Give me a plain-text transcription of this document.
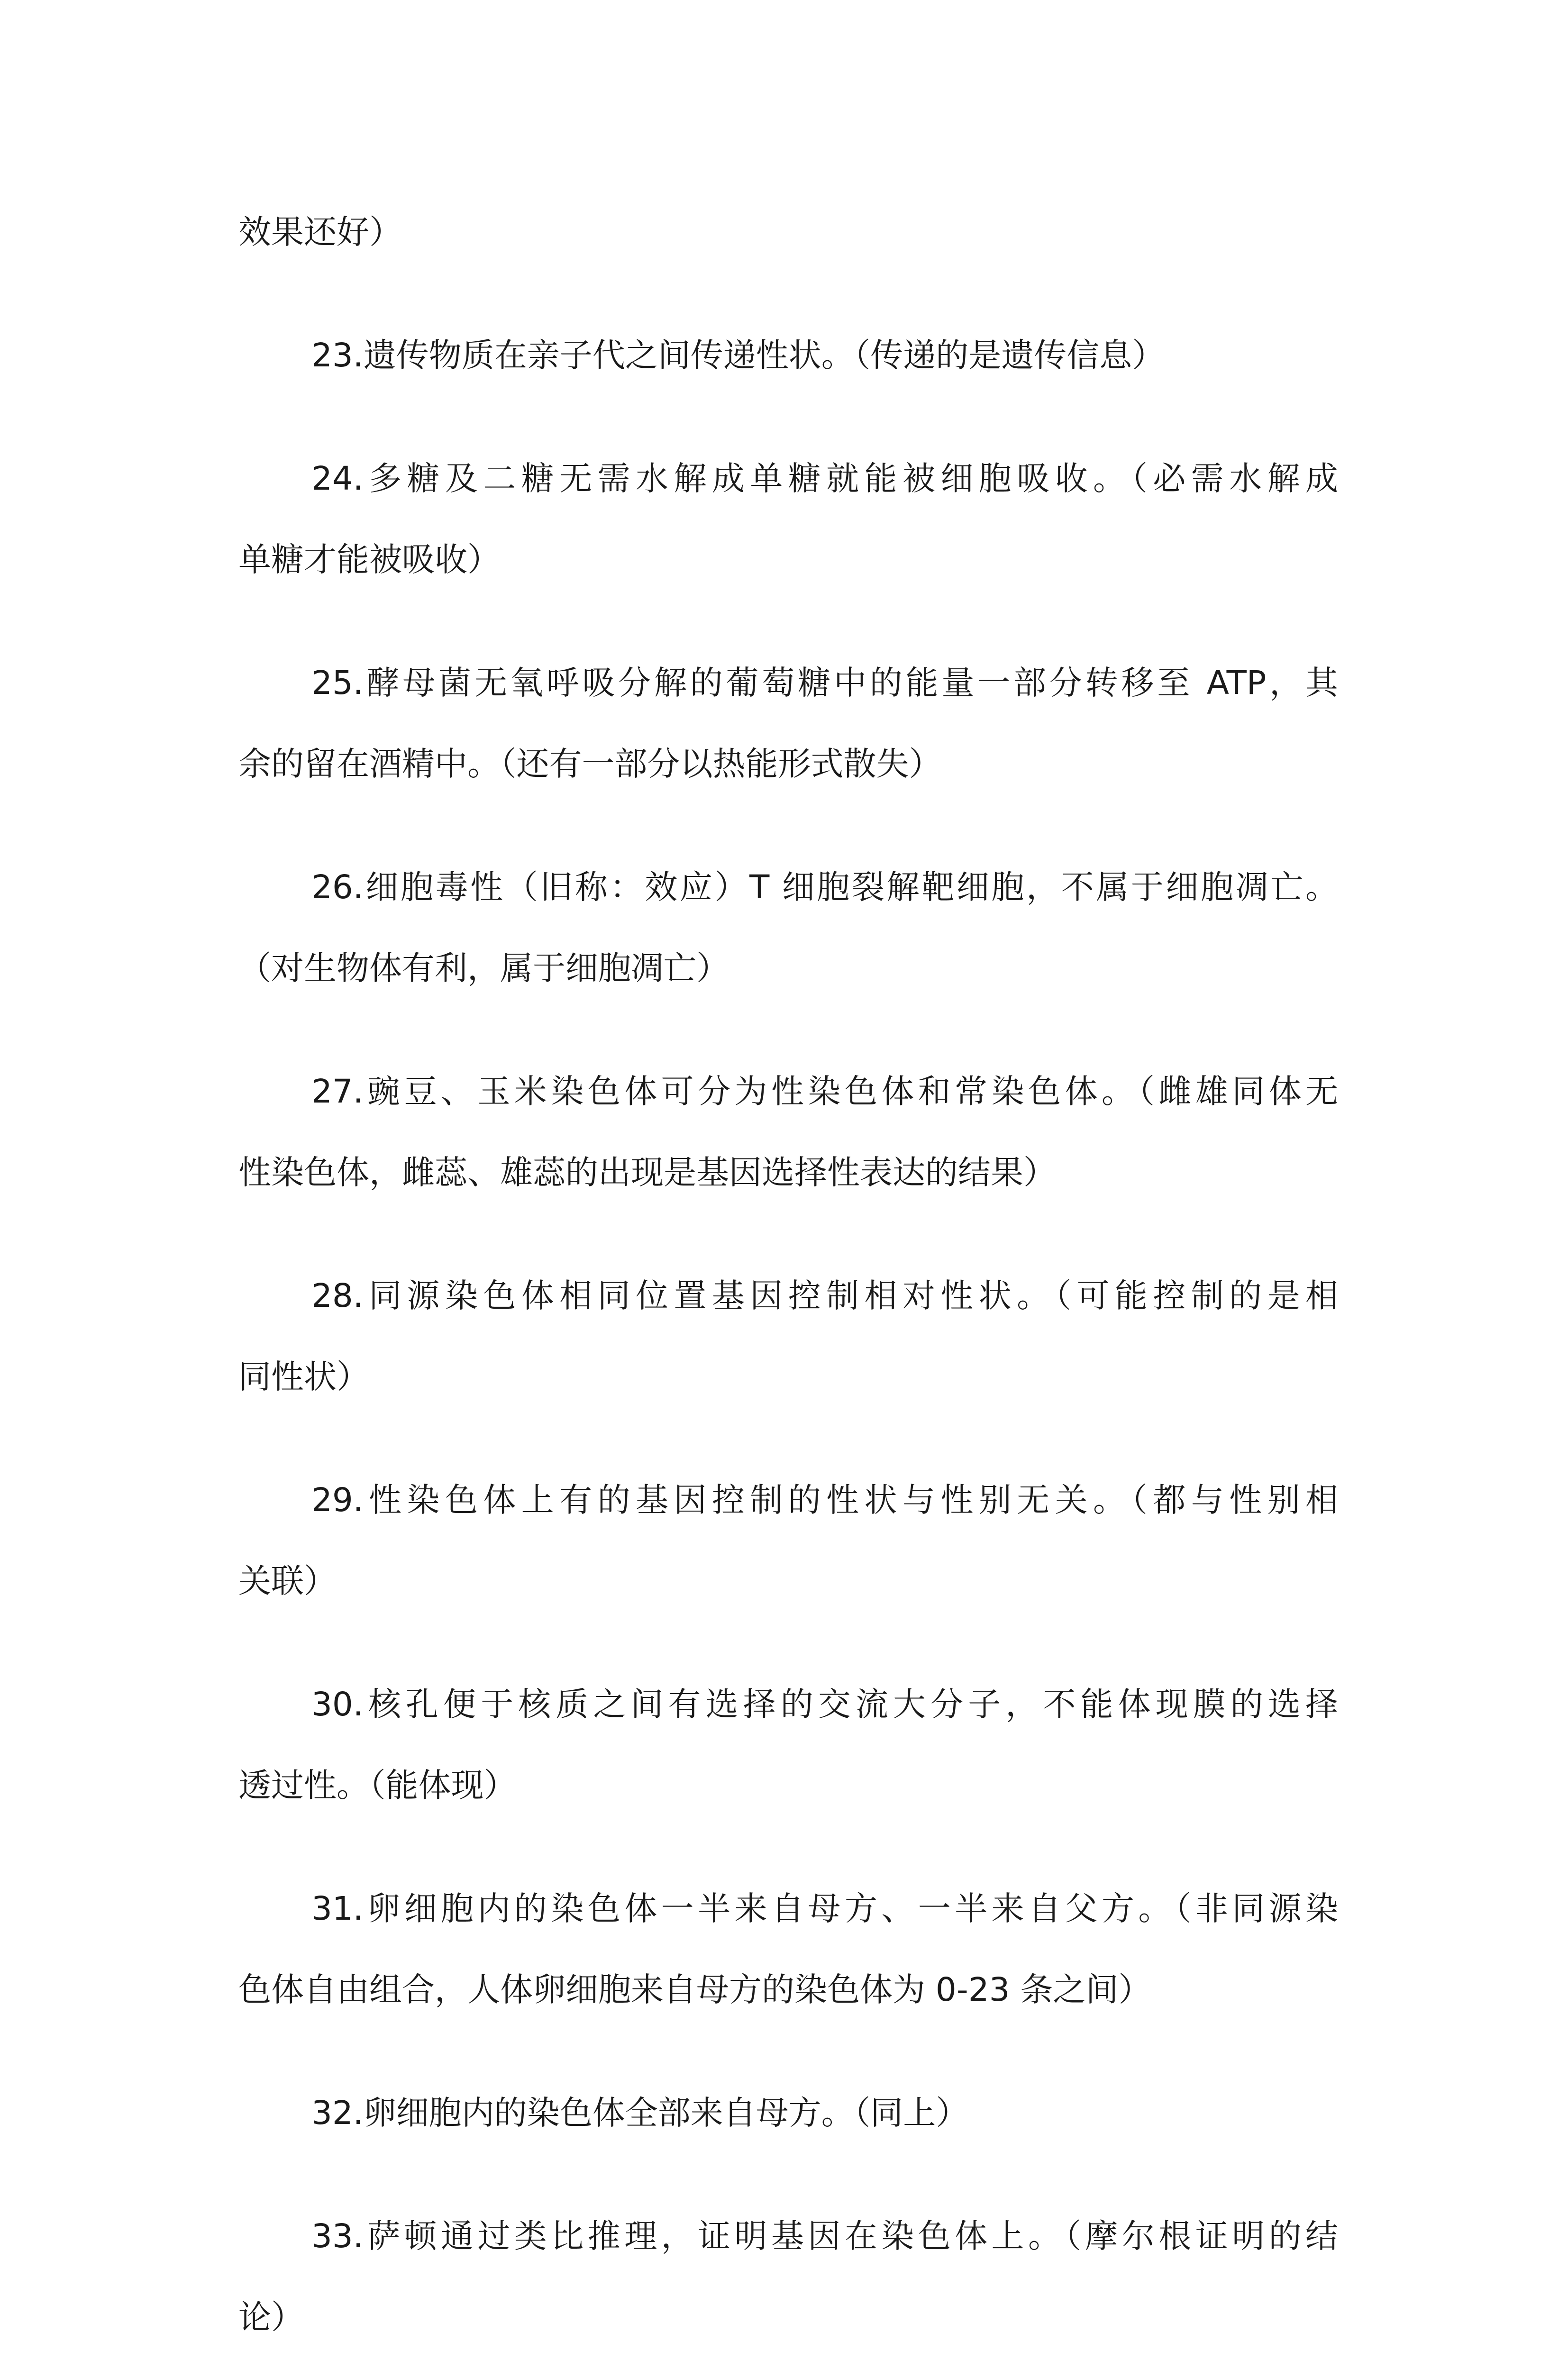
效果还好）
23.遗传物质在亲子代之间传递性状。（传递的是遗传信息）
24.多糖及二糖无需水解成单糖就能被细胞吸收。（必需水解成
单糖才能被吸收）
25.酵母菌无氧呼吸分解的葡萄糖中的能量一部分转移至 ATP，其
余的留在酒精中。（还有一部分以热能形式散失）
26.细胞毒性（旧称：效应）T 细胞裂解靶细胞，不属于细胞凋亡。
（对生物体有利，属于细胞凋亡）
27.豌豆、玉米染色体可分为性染色体和常染色体。（雌雄同体无
性染色体，雌蕊、雄蕊的出现是基因选择性表达的结果）
28.同源染色体相同位置基因控制相对性状。（可能控制的是相
同性状）
29.性染色体上有的基因控制的性状与性别无关。（都与性别相
关联）
30.核孔便于核质之间有选择的交流大分子，不能体现膜的选择
透过性。（能体现）
31.卵细胞内的染色体一半来自母方、一半来自父方。（非同源染
色体自由组合，人体卵细胞来自母方的染色体为 0-23 条之间）
32.卵细胞内的染色体全部来自母方。（同上）
33.萨顿通过类比推理，证明基因在染色体上。（摩尔根证明的结
论）
